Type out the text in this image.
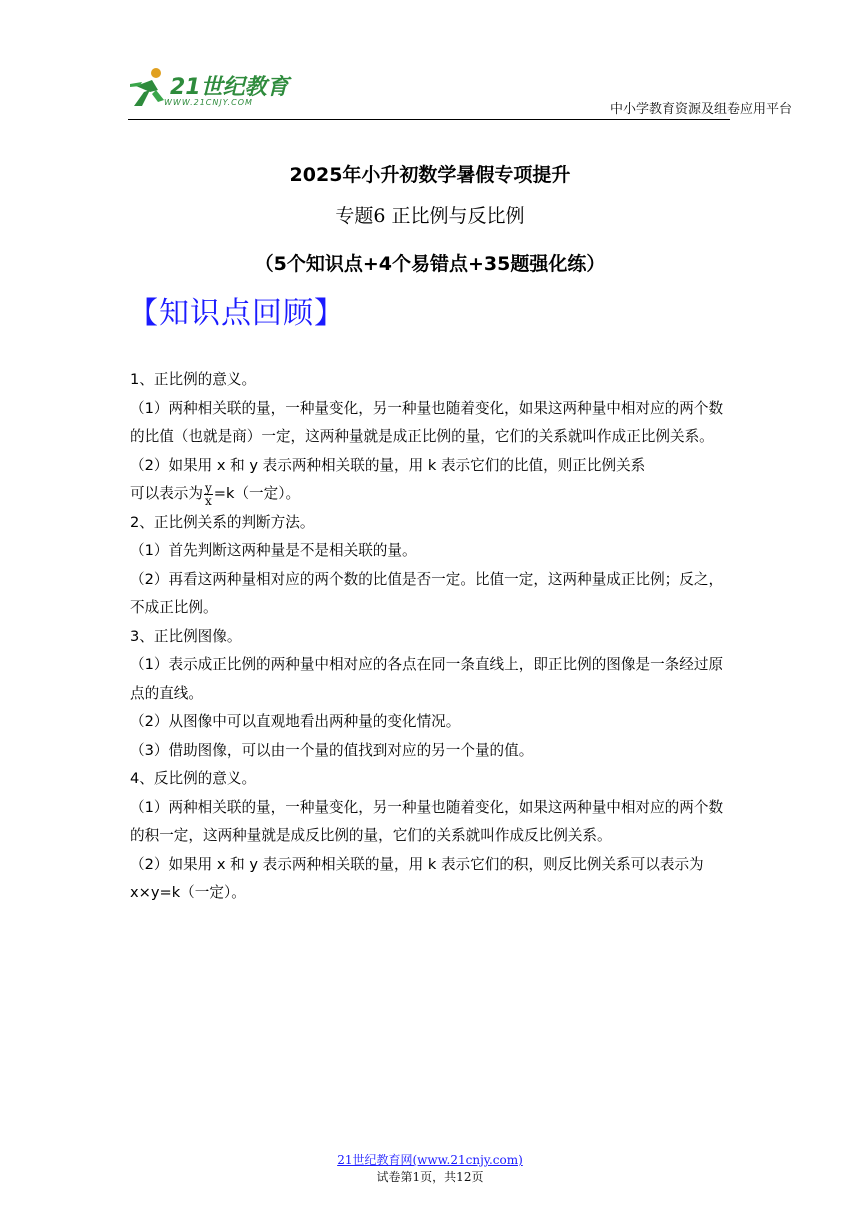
21世纪教育
WWW.21CNJY.COM	中小学教育资源及组卷应用平台
2025年小升初数学暑假专项提升
专题6 正比例与反比例
（5个知识点+4个易错点+35题强化练）
【知识点回顾】

1、正比例的意义。

（1）两种相关联的量，一种量变化，另一种量也随着变化，如果这两种量中相对应的两个数的比值（也就是商）一定，这两种量就是成正比例的量，它们的关系就叫作成正比例关系。

（2）如果用 x 和 y 表示两种相关联的量，用 k 表示它们的比值，则正比例关系

可以表示为 $\frac{y}{x} =k$（一定）。

2、正比例关系的判断方法。

（1）首先判断这两种量是不是相关联的量。

（2）再看这两种量相对应的两个数的比值是否一定。比值一定，这两种量成正比例；反之，不成正比例。

3、正比例图像。

（1）表示成正比例的两种量中相对应的各点在同一条直线上，即正比例的图像是一条经过原点的直线。

（2）从图像中可以直观地看出两种量的变化情况。

（3）借助图像，可以由一个量的值找到对应的另一个量的值。

4、反比例的意义。

（1）两种相关联的量，一种量变化，另一种量也随着变化，如果这两种量中相对应的两个数的积一定，这两种量就是成反比例的量，它们的关系就叫作成反比例关系。

（2）如果用 x 和 y 表示两种相关联的量，用 k 表示它们的积，则反比例关系可以表示为 x×y=k（一定）。

21世纪教育网(www.21cnjy.com)
试卷第1页，共12页
